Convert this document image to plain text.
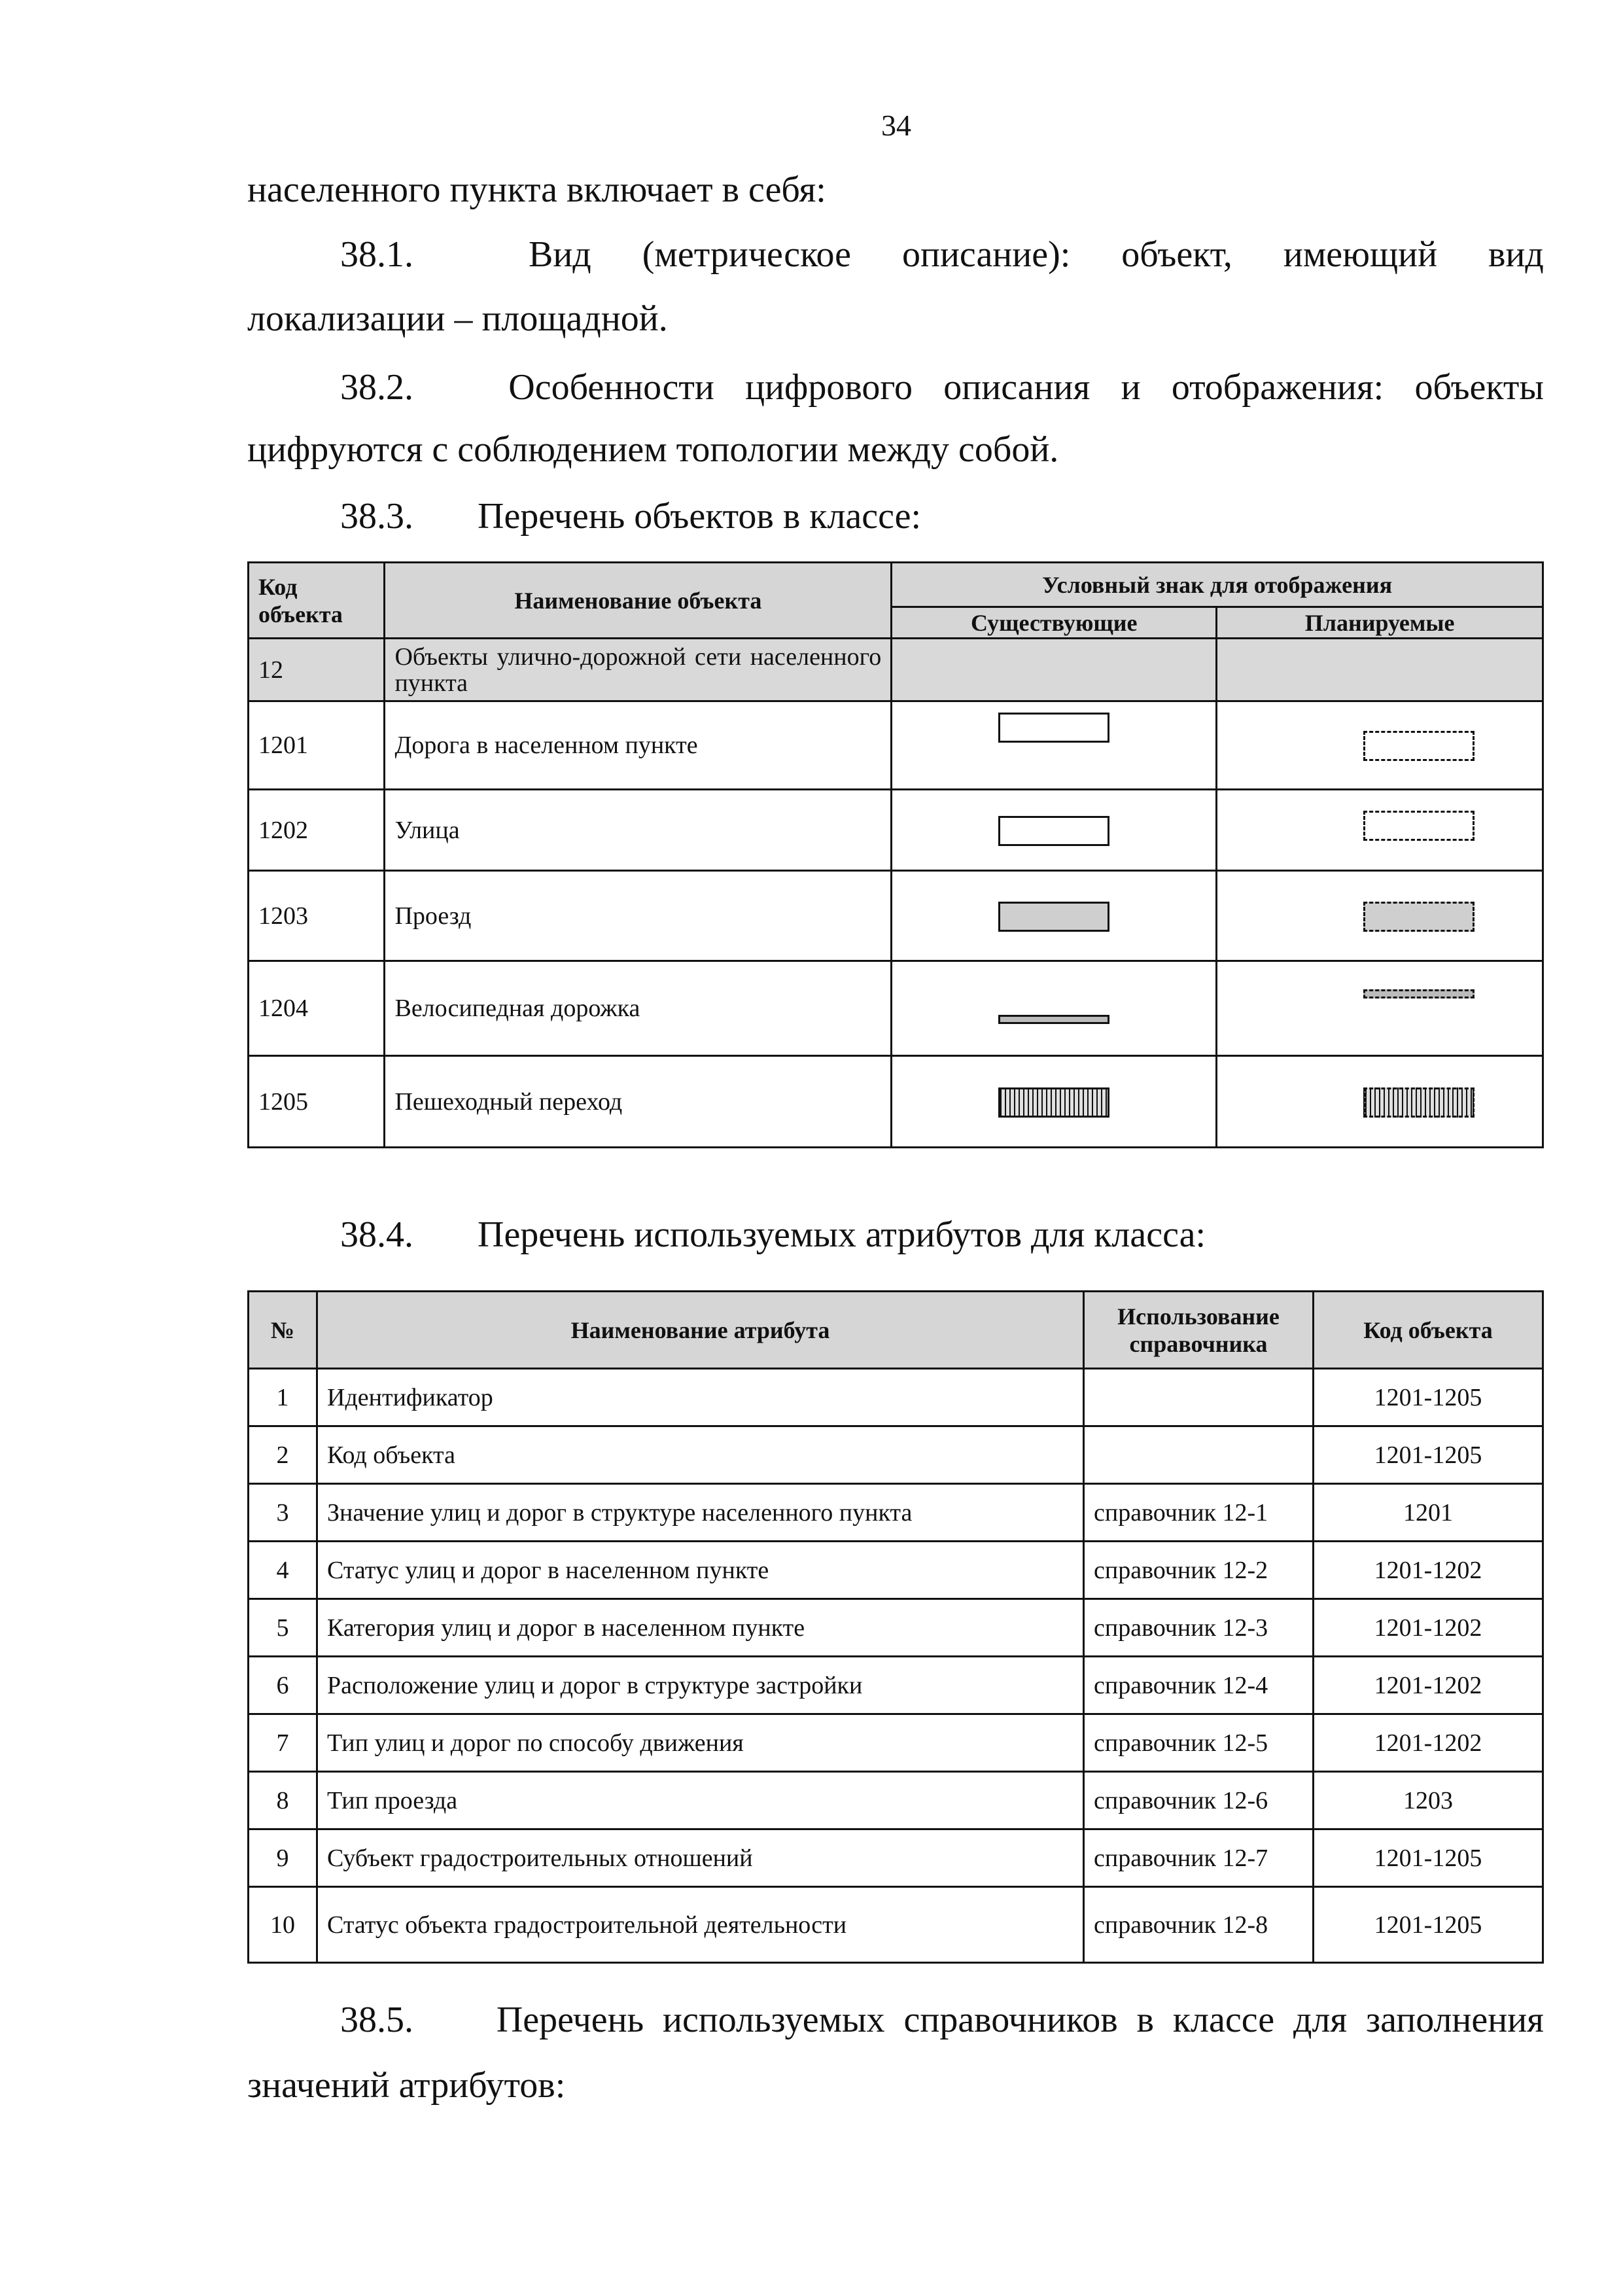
34
населенного пункта включает в себя:
38.1.	Вид (метрическое описание): объект, имеющий вид
локализации – площадной.
38.2.	Особенности цифрового описания и отображения: объекты
цифруются с соблюдением топологии между собой.
38.3. Перечень объектов в классе:
Код объекта	Наименование объекта	Условный знак для отображения	
		Существующие	Планируемые
12	Объекты улично-дорожной сети населенного пункта		
1201	Дорога в населенном пункте		
1202	Улица		
1203	Проезд		
1204	Велосипедная дорожка		
1205	Пешеходный переход		
38.4. Перечень используемых атрибутов для класса:
№	Наименование атрибута	Использование справочника	Код объекта
1	Идентификатор		1201-1205
2	Код объекта		1201-1205
3	Значение улиц и дорог в структуре населенного пункта	справочник 12-1	1201
4	Статус улиц и дорог в населенном пункте	справочник 12-2	1201-1202
5	Категория улиц и дорог в населенном пункте	справочник 12-3	1201-1202
6	Расположение улиц и дорог в структуре застройки	справочник 12-4	1201-1202
7	Тип улиц и дорог по способу движения	справочник 12-5	1201-1202
8	Тип проезда	справочник 12-6	1203
9	Субъект градостроительных отношений	справочник 12-7	1201-1205
10	Статус объекта градостроительной деятельности	справочник 12-8	1201-1205
38.5.	Перечень используемых справочников в классе для заполнения
значений атрибутов:
